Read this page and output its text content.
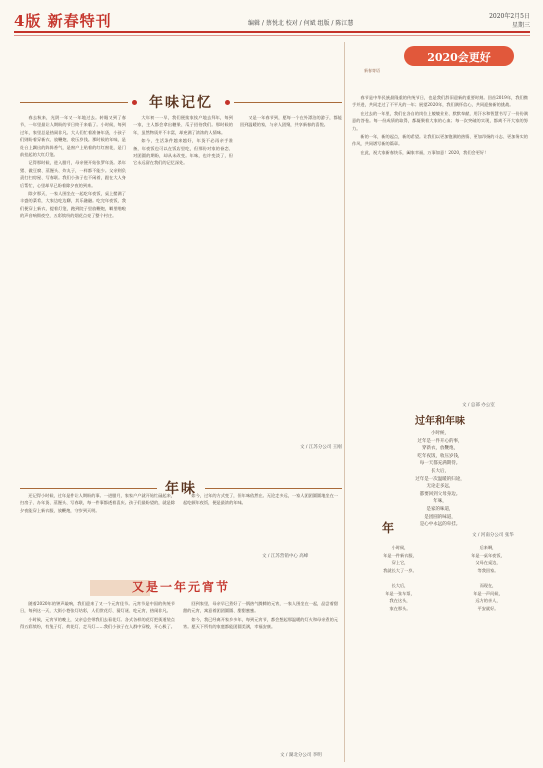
4版 新春特刊	编辑 / 蔡悦北 校对 / 何斌 组版 / 陈江慧
2020年2月5日
星期三
年味记忆

春去秋来，光阴一年又一年地过去。转眼又到了春节，一年里最让人期盼的节日终于来临了。小时候，每到过年，家里总是热闹非凡。大人们忙着准备年货，小孩子们则盼着穿新衣、放鞭炮、收压岁钱。那时候的年味，是灶台上飘出的阵阵香气，是窗户上贴着的红红窗花，是门前挂起的大红灯笼。

记得那时候，进入腊月，母亲便开始张罗年货。杀年猪、做豆腐、蒸馒头、炸丸子，一样都不能少。父亲则负责打扫房屋、写春联。我们小孩子也不闲着，跟在大人身后帮忙，心里却早已盼着除夕夜的到来。

除夕那天，一家人围坐在一起吃年夜饭，桌上摆满了丰盛的菜肴，大家边吃边聊，其乐融融。吃完年夜饭，我们便穿上新衣，提着灯笼，跑到院子里放鞭炮，噼里啪啦的声音响彻夜空，五彩缤纷的烟花点亮了整个村庄。

大年初一一早，我们便挨家挨户地去拜年，每到一家，主人都会拿出糖果、瓜子招待我们。那时候的年，虽然物质并不丰富，却充满了浓浓的人情味。

如今，生活条件越来越好，年货不必再亲手准备，年夜饭也可以在饭店里吃，但那份对家的眷恋、对团圆的期盼，却从未改变。年味，也许变淡了，但它永远留在我们的记忆深处。

又是一年春节到，愿每一个在外漂泊的游子，都能回到温暖的家，与亲人团聚，共享新春的喜悦。

文 / 江苏分公司 王刚
2020会更好
新春寄语

春节是中华民族最隆重的传统节日，也是我们辞旧迎新的重要时刻。回首2019年，我们携手并进，共同走过了不平凡的一年；展望2020年，我们满怀信心，共同迎接新的挑战。

在过去的一年里，我们在各自的岗位上兢兢业业、默默奉献，用汗水和智慧书写了一份份满意的答卷。每一份成绩的取得，都凝聚着大家的心血；每一次突破的实现，都离不开大家的努力。

新的一年，新的起点，新的希望。让我们以更加饱满的热情、更加昂扬的斗志、更加务实的作风，共同谱写新的篇章。

在此，祝大家新春快乐，阖家幸福，万事如意！2020，我们会更好！

文 / 总部 办公室
过年和年味
小时候，
过年是一件开心的事，
穿新衣，放鞭炮，
吃年夜饭，收压岁钱，
每一天都充满期待。
长大后，
过年是一次温暖的归途，
无论走多远，
都要回到父母身边。
年味，
是家的味道，
是团圆的味道，
是心中永远的牵挂。
文 / 河南分公司 张华
年味

还记得小时候，过年是件让人期盼的事。一进腊月，家家户户就开始忙碌起来，扫房子、办年货、蒸馒头、写春联，每一件事都透着喜庆。孩子们最盼望的，就是除夕夜能穿上新衣服，放鞭炮，守岁到天明。

如今，过年的方式变了，但年味依然在。无论走多远，一家人团团圆圆地坐在一起吃顿年夜饭，便是最浓的年味。

文 / 江苏营销中心 高峰
又是一年元宵节

随着2020年的钟声敲响，我们迎来了又一个元宵佳节。元宵节是中国的传统节日，每到这一天，大街小巷张灯结彩，人们赏花灯、猜灯谜、吃元宵，热闹非凡。

小时候，元宵节的晚上，父亲总会带我们去看花灯。各式各样的花灯把街道装点得五彩缤纷，有兔子灯、荷花灯、走马灯……我们小孩子在人群中穿梭，开心极了。

回到家里，母亲早已煮好了一锅热气腾腾的元宵，一家人围坐在一起，品尝着甜甜的元宵，寓意着团团圆圆、甜甜蜜蜜。

如今，我已经离开家乡多年，每到元宵节，都会想起那温暖的灯火和母亲煮的元宵。愿天下所有的家庭都能团圆美满，幸福安康。

文 / 湖北分公司 李明
年
小时候，
年是一件新衣服，
穿上它，
我就长大了一岁。
长大后，
年是一张车票，
我在这头，
家在那头。
后来啊，
年是一桌年夜饭，
父母在桌边，
等我回家。
而现在，
年是一声问候，
远方的亲人，
平安就好。
